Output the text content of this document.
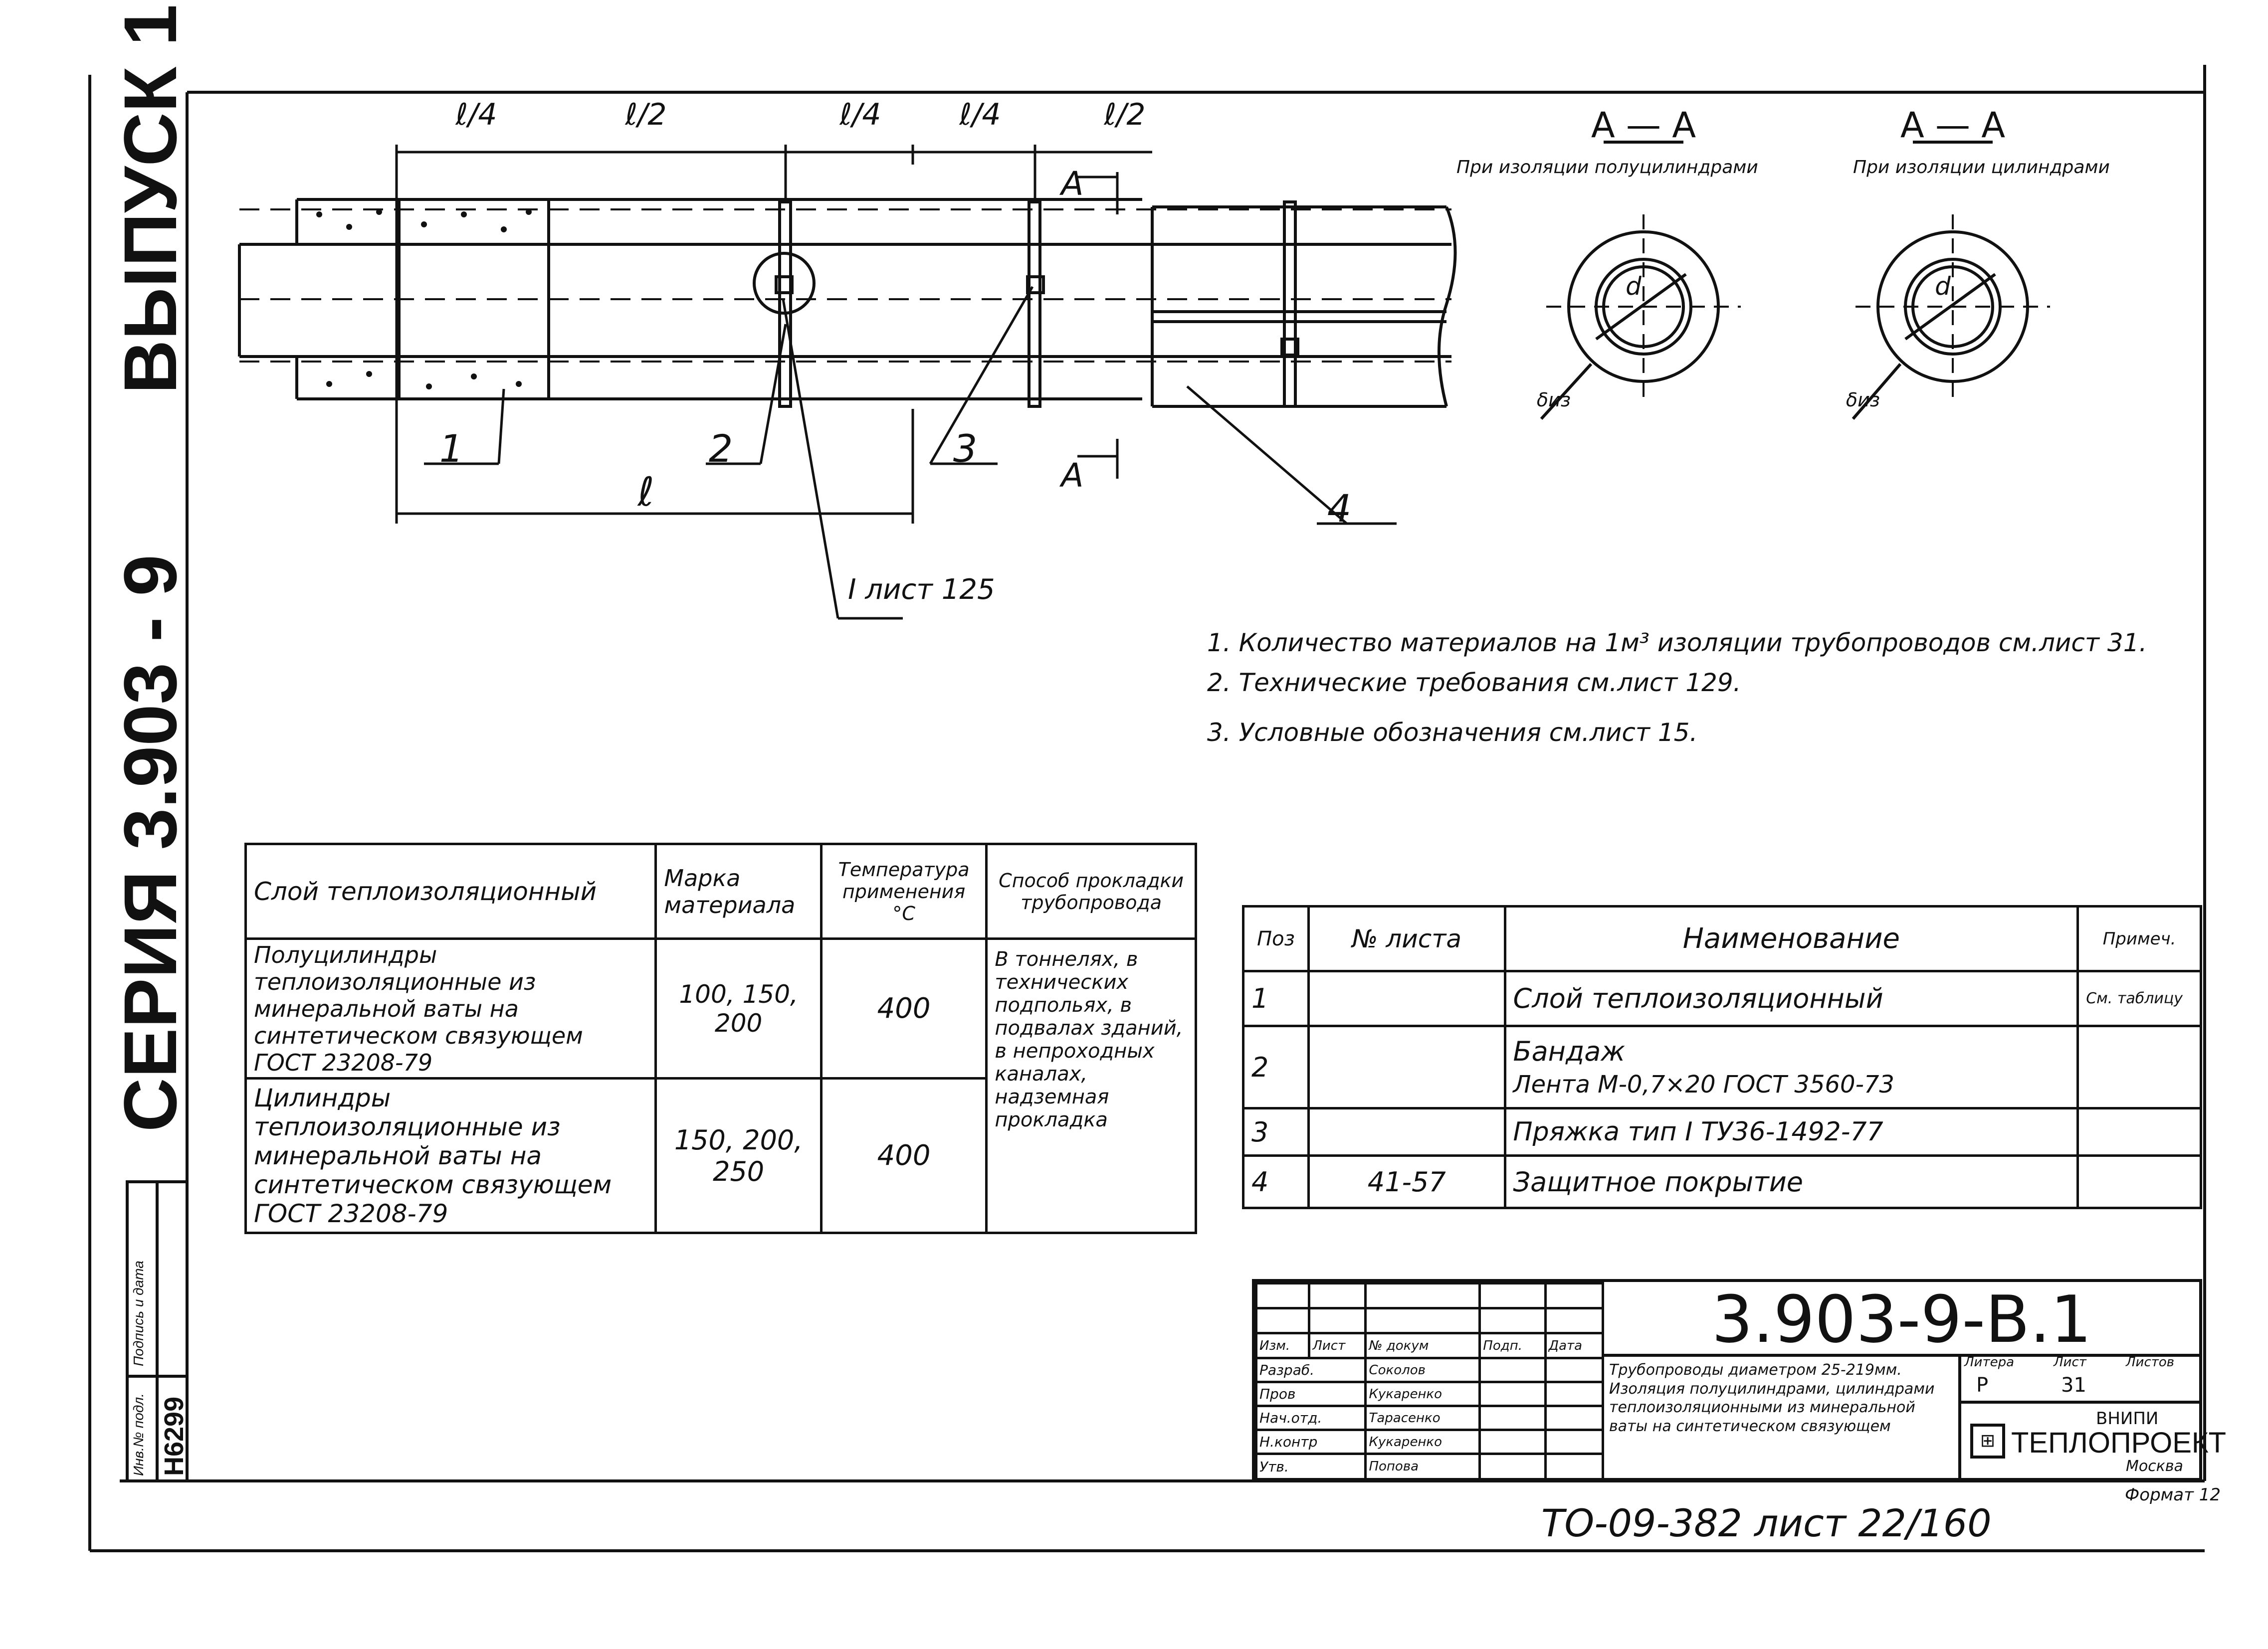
ВЫПУСК 1
СЕРИЯ 3.903 - 9
Инв.№ подл.
Подпись и дата
Н6299
ℓ/4	ℓ/2	ℓ/4	ℓ/4	ℓ/2
ℓ
1	2	3
4
А
А
I лист 125
А — А
При изоляции полуцилиндрами
d
δиз
А — А
При изоляции цилиндрами
d
δиз
1. Количество материалов на 1м³ изоляции трубопроводов см.лист 31.
2. Технические требования см.лист 129.
3. Условные обозначения см.лист 15.
Слой теплоизоляционный	Марка материала	Температура применения °C	Способ прокладки трубопровода
Полуцилиндры теплоизоляционные из минеральной ваты на синтетическом связующем ГОСТ 23208-79	100, 150, 200	400	В тоннелях, в технических подпольях, в подвалах зданий, в непроходных каналах, надземная прокладка
Цилиндры теплоизоляционные из минеральной ваты на синтетическом связующем ГОСТ 23208-79	150, 200, 250	400	
Поз	№ листа	Наименование	Примеч.
1		Слой теплоизоляционный	См. таблицу
2		Бандаж
Лента М-0,7×20 ГОСТ 3560-73	

3		Пряжка тип I ТУ36-1492-77	
4	41-57	Защитное покрытие	

Изм.	Лист	№ докум	Подп.	Дата
Разраб.		Соколов		
Пров		Кукаренко		
Нач.отд.		Тарасенко		
Н.контр		Кукаренко		
Утв.		Попова		
3.903-9-В.1
Трубопроводы диаметром 25-219мм. Изоляция полуцилиндрами, цилиндрами теплоизоляционными из минеральной ваты на синтетическом связующем
Литера	Лист	Листов
Р	31
⊞
ВНИПИ
ТЕПЛОПРОЕКТ
Москва
Формат 12
ТО-09-382 лист 22/160
